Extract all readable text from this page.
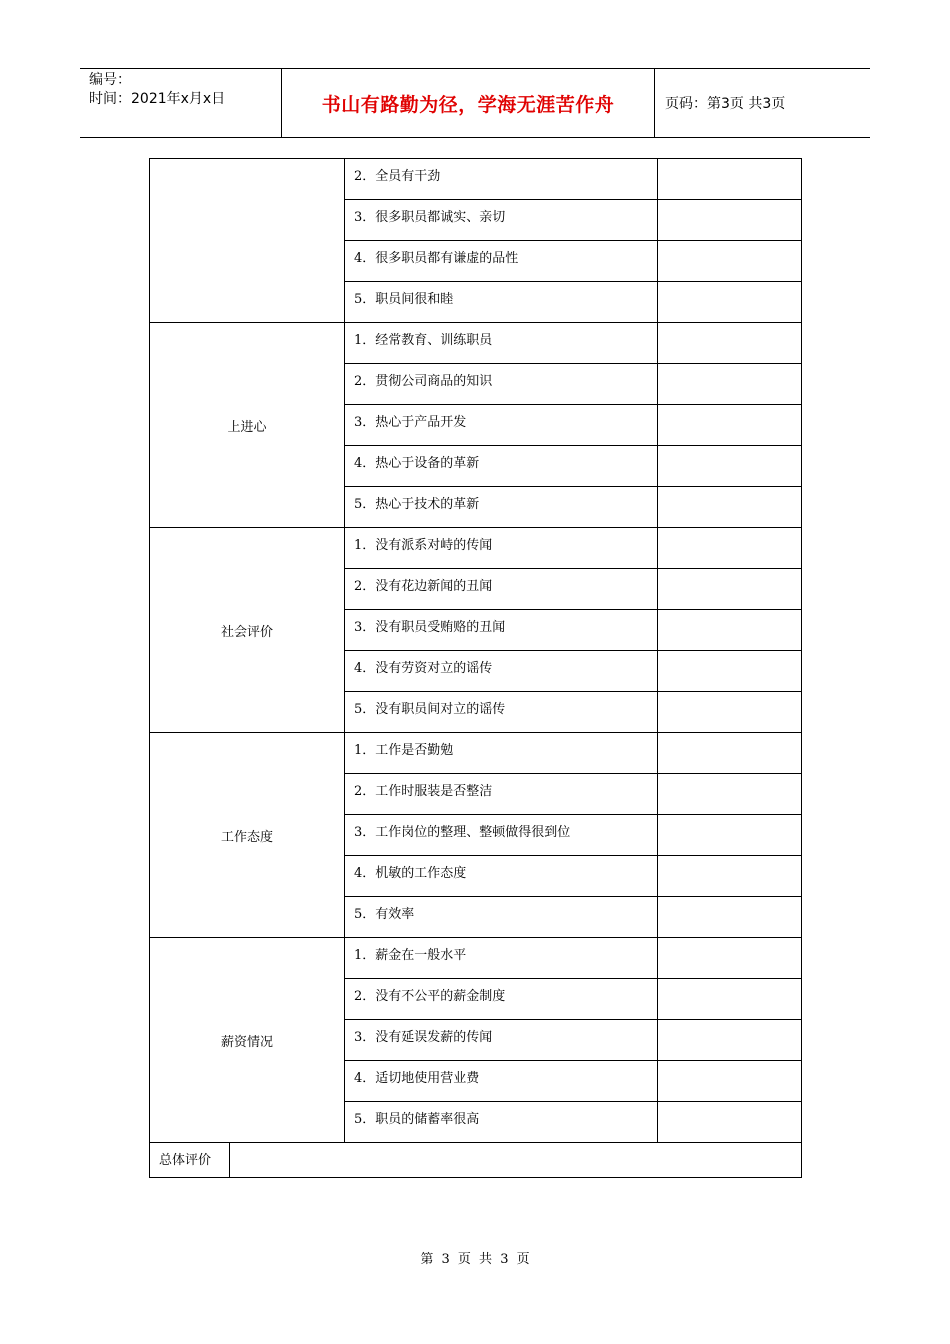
编号：
时间：2021年x月x日	书山有路勤为径，学海无涯苦作舟	页码：第3页 共3页
	2．全员有干劲	
	3．很多职员都诚实、亲切	
	4．很多职员都有谦虚的品性	
	5．职员间很和睦	
上进心	1．经常教育、训练职员	
	2．贯彻公司商品的知识	
	3．热心于产品开发	
	4．热心于设备的革新	
	5．热心于技术的革新	
社会评价	1．没有派系对峙的传闻	
	2．没有花边新闻的丑闻	
	3．没有职员受贿赂的丑闻	
	4．没有劳资对立的谣传	
	5．没有职员间对立的谣传	
工作态度	1．工作是否勤勉	
	2．工作时服装是否整洁	
	3．工作岗位的整理、整顿做得很到位	
	4．机敏的工作态度	
	5．有效率	
薪资情况	1．薪金在一般水平	
	2．没有不公平的薪金制度	
	3．没有延误发薪的传闻	
	4．适切地使用营业费	
	5．职员的储蓄率很高	

总体评价		
第 3 页 共 3 页
